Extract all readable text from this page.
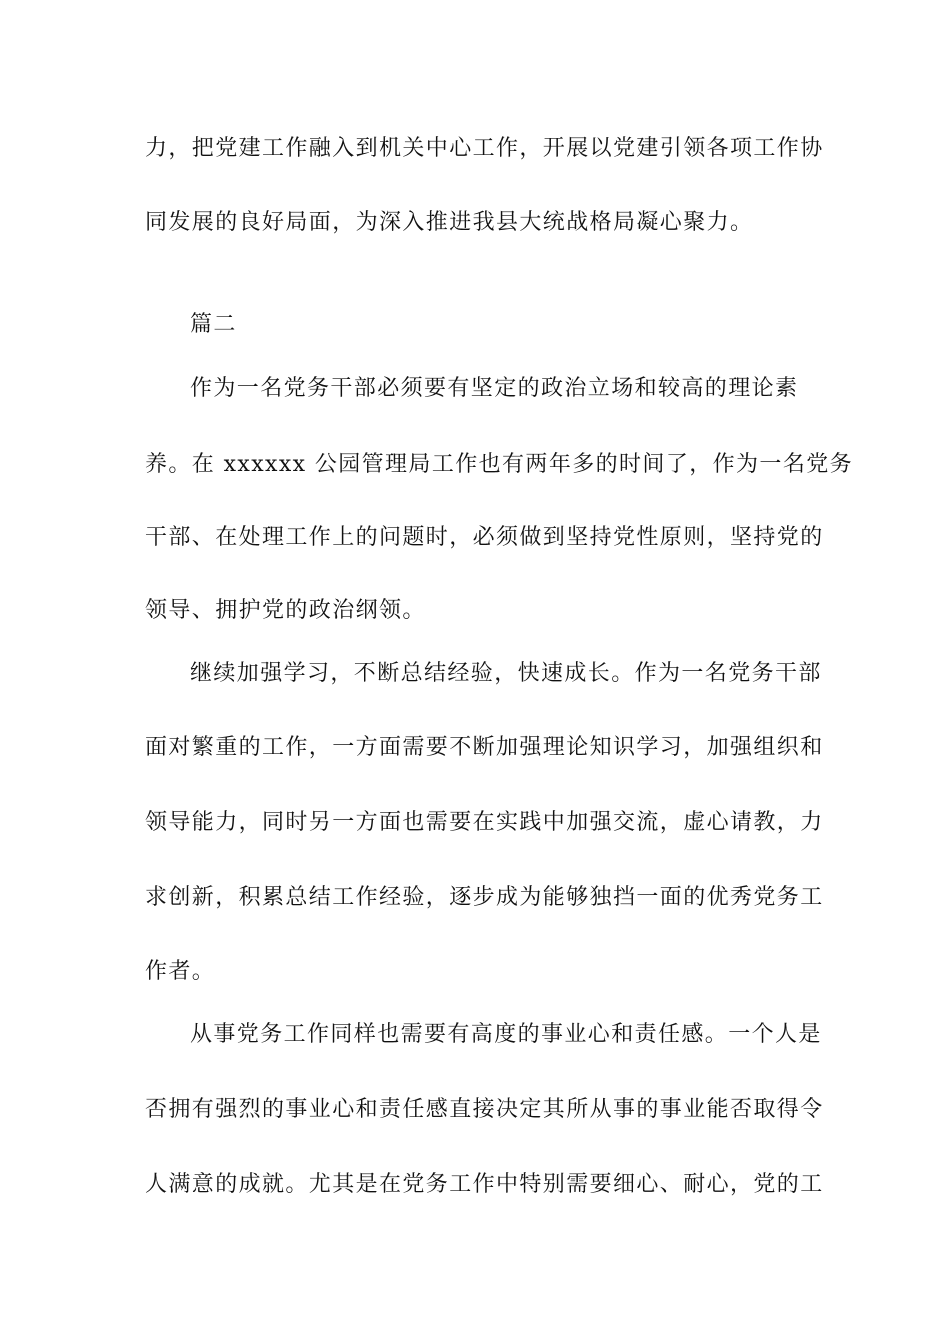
力，把党建工作融入到机关中心工作，开展以党建引领各项工作协
同发展的良好局面，为深入推进我县大统战格局凝心聚力。
篇二
作为一名党务干部必须要有坚定的政治立场和较高的理论素
养。在 xxxxxx 公园管理局工作也有两年多的时间了，作为一名党务
干部、在处理工作上的问题时，必须做到坚持党性原则，坚持党的
领导、拥护党的政治纲领。
继续加强学习，不断总结经验，快速成长。作为一名党务干部
面对繁重的工作，一方面需要不断加强理论知识学习，加强组织和
领导能力，同时另一方面也需要在实践中加强交流，虚心请教，力
求创新，积累总结工作经验，逐步成为能够独挡一面的优秀党务工
作者。
从事党务工作同样也需要有高度的事业心和责任感。一个人是
否拥有强烈的事业心和责任感直接决定其所从事的事业能否取得令
人满意的成就。尤其是在党务工作中特别需要细心、耐心，党的工
